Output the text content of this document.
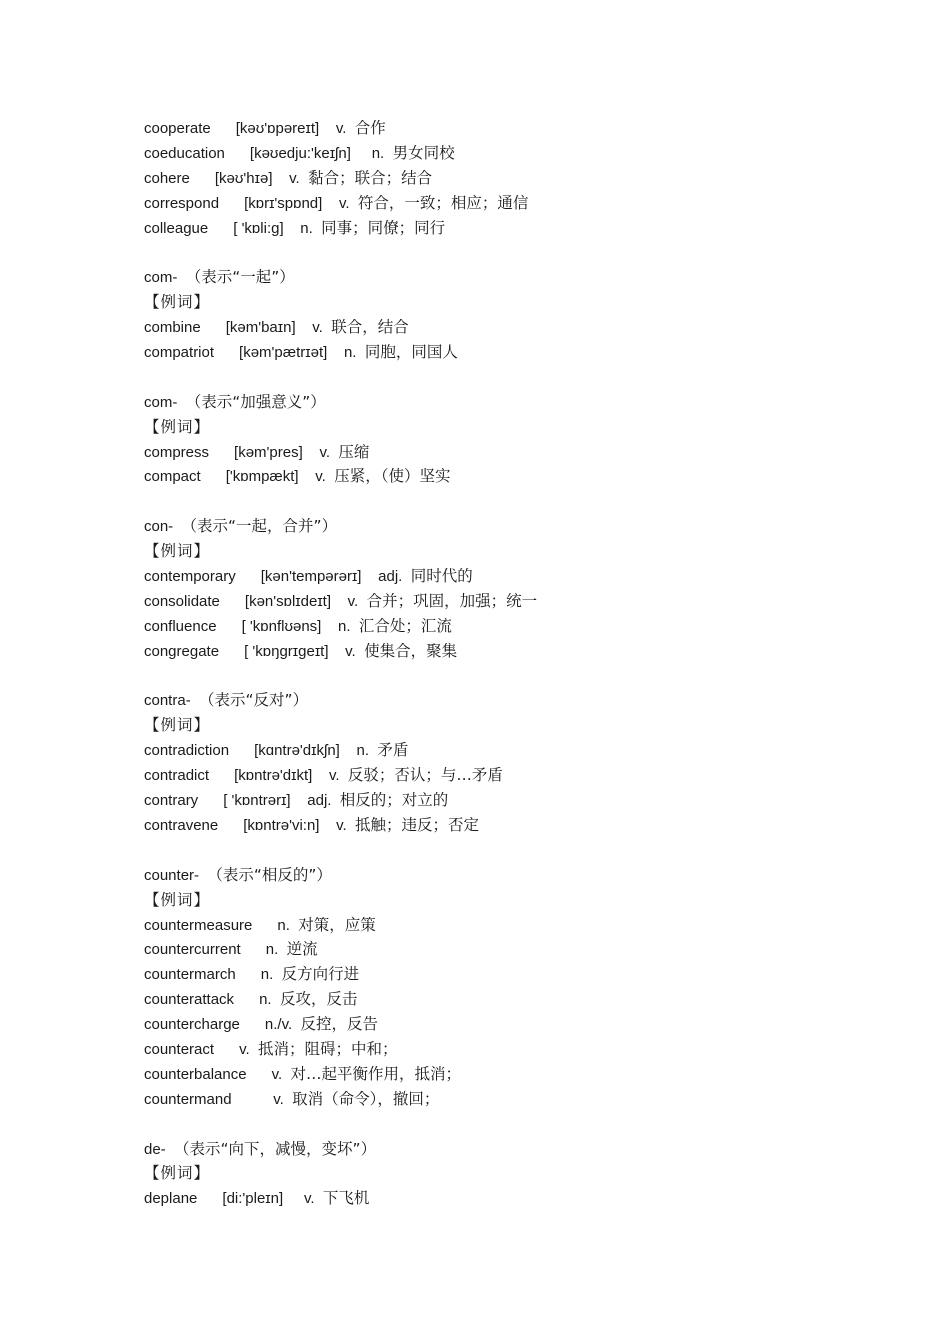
cooperate [kəʊ'ɒpəreɪt] v. 合作
coeducation [kəʊedju:'keɪʃn] n. 男女同校
cohere [kəʊ'hɪə] v. 黏合；联合；结合
correspond [kɒrɪ'spɒnd] v. 符合，一致；相应；通信
colleague [ 'kɒli:g] n. 同事；同僚；同行
com- （表示“一起”）
【例词】
combine [kəm'baɪn] v. 联合，结合
compatriot [kəm'pætrɪət] n. 同胞，同国人
com- （表示“加强意义”）
【例词】
compress [kəm'pres] v. 压缩
compact ['kɒmpækt] v. 压紧，（使）坚实
con- （表示“一起，合并”）
【例词】
contemporary [kən'tempərərɪ] adj. 同时代的
consolidate [kən'sɒlɪdeɪt] v. 合并；巩固，加强；统一
confluence [ 'kɒnflʊəns] n. 汇合处；汇流
congregate [ 'kɒŋgrɪgeɪt] v. 使集合，聚集
contra- （表示“反对”）
【例词】
contradiction [kɑntrə'dɪkʃn] n. 矛盾
contradict [kɒntrə'dɪkt] v. 反驳；否认；与…矛盾
contrary [ 'kɒntrərɪ] adj. 相反的；对立的
contravene [kɒntrə'vi:n] v. 抵触；违反；否定
counter- （表示“相反的”）
【例词】
countermeasure n. 对策，应策
countercurrent n. 逆流
countermarch n. 反方向行进
counterattack n. 反攻，反击
countercharge n./v. 反控，反告
counteract v. 抵消；阻碍；中和；
counterbalance v. 对…起平衡作用，抵消；
countermand	v. 取消（命令），撤回；
de- （表示“向下，减慢，变坏”）
【例词】
deplane [di:'pleɪn] v. 下飞机
